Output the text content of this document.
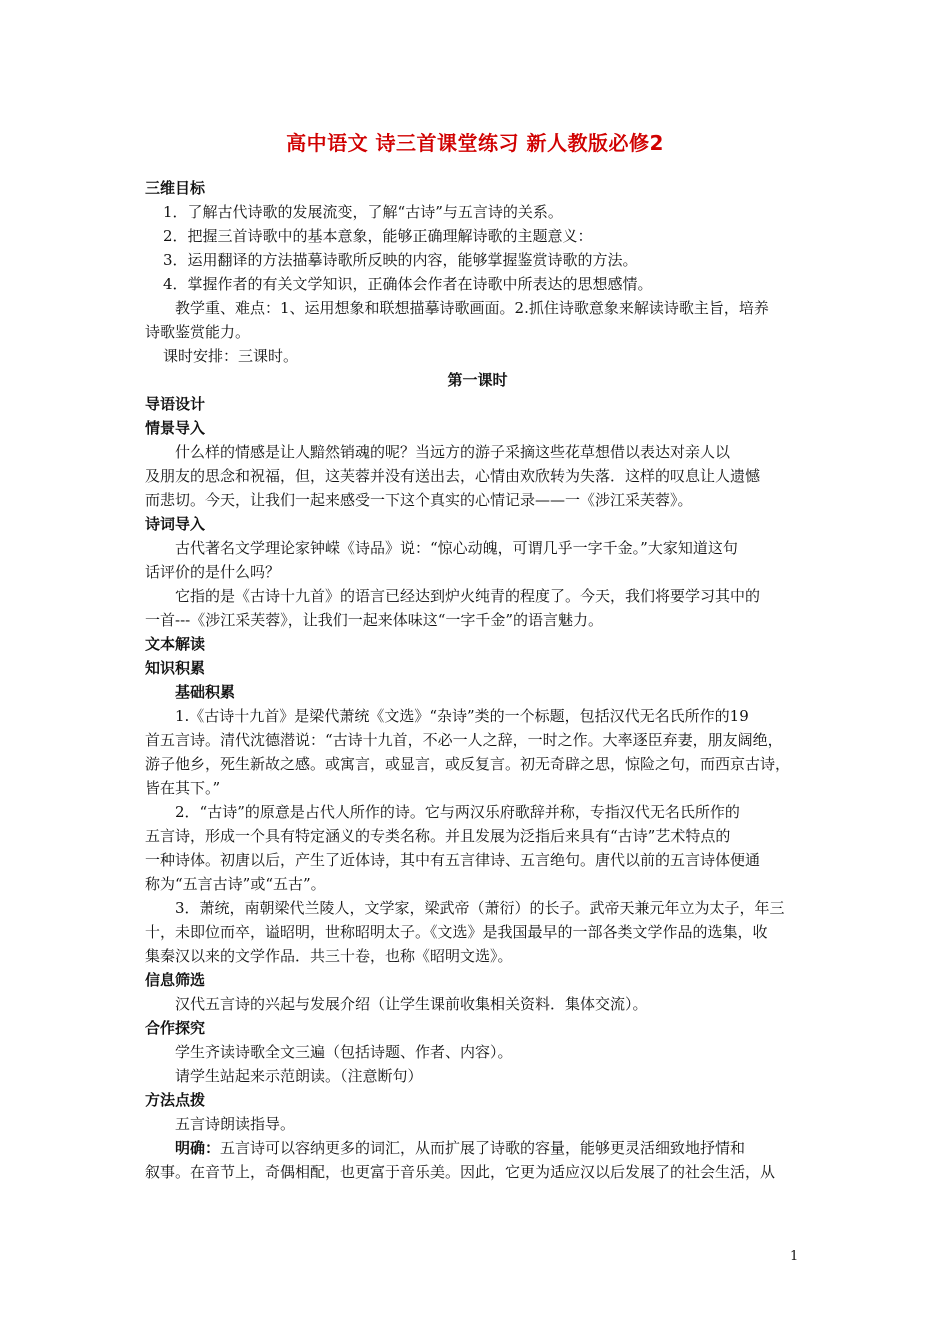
高中语文 诗三首课堂练习 新人教版必修2
三维目标
1．了解古代诗歌的发展流变，了解“古诗”与五言诗的关系。
2．把握三首诗歌中的基本意象，能够正确理解诗歌的主题意义：
3．运用翻译的方法描摹诗歌所反映的内容，能够掌握鉴赏诗歌的方法。
4．掌握作者的有关文学知识，正确体会作者在诗歌中所表达的思想感情。
教学重、难点：1、运用想象和联想描摹诗歌画面。2.抓住诗歌意象来解读诗歌主旨，培养
诗歌鉴赏能力。
课时安排：三课时。
第一课时
导语设计
情景导入
什么样的情感是让人黯然销魂的呢？当远方的游子采摘这些花草想借以表达对亲人以
及朋友的思念和祝福，但，这芙蓉并没有送出去，心情由欢欣转为失落．这样的叹息让人遗憾
而悲切。今天，让我们一起来感受一下这个真实的心情记录——一《涉江采芙蓉》。
诗词导入
古代著名文学理论家钟嵘《诗品》说：“惊心动魄，可谓几乎一字千金。”大家知道这句
话评价的是什么吗？
它指的是《古诗十九首》的语言已经达到炉火纯青的程度了。今天，我们将要学习其中的
一首---《涉江采芙蓉》，让我们一起来体味这“一字千金”的语言魅力。
文本解读
知识积累
基础积累
1.《古诗十九首》是梁代萧统《文选》“杂诗”类的一个标题，包括汉代无名氏所作的19
首五言诗。清代沈德潜说：“古诗十九首，不必一人之辞，一时之作。大率逐臣弃妻，朋友阔绝，
游子他乡，死生新故之感。或寓言，或显言，或反复言。初无奇辟之思，惊险之句，而西京古诗，
皆在其下。”
2．“古诗”的原意是占代人所作的诗。它与两汉乐府歌辞并称，专指汉代无名氏所作的
五言诗，形成一个具有特定涵义的专类名称。并且发展为泛指后来具有“古诗”艺术特点的
一种诗体。初唐以后，产生了近体诗，其中有五言律诗、五言绝句。唐代以前的五言诗体便通
称为“五言古诗”或“五古”。
3．萧统，南朝梁代兰陵人，文学家，梁武帝（萧衍）的长子。武帝天兼元年立为太子，年三
十，未即位而卒，谥昭明，世称昭明太子。《文选》是我国最早的一部各类文学作品的选集，收
集秦汉以来的文学作品．共三十卷，也称《昭明文选》。
信息筛选
汉代五言诗的兴起与发展介绍（让学生课前收集相关资料．集体交流）。
合作探究
学生齐读诗歌全文三遍（包括诗题、作者、内容）。
请学生站起来示范朗读。（注意断句）
方法点拨
五言诗朗读指导。
明确：五言诗可以容纳更多的词汇，从而扩展了诗歌的容量，能够更灵活细致地抒情和
叙事。在音节上，奇偶相配，也更富于音乐美。因此，它更为适应汉以后发展了的社会生活，从
1
